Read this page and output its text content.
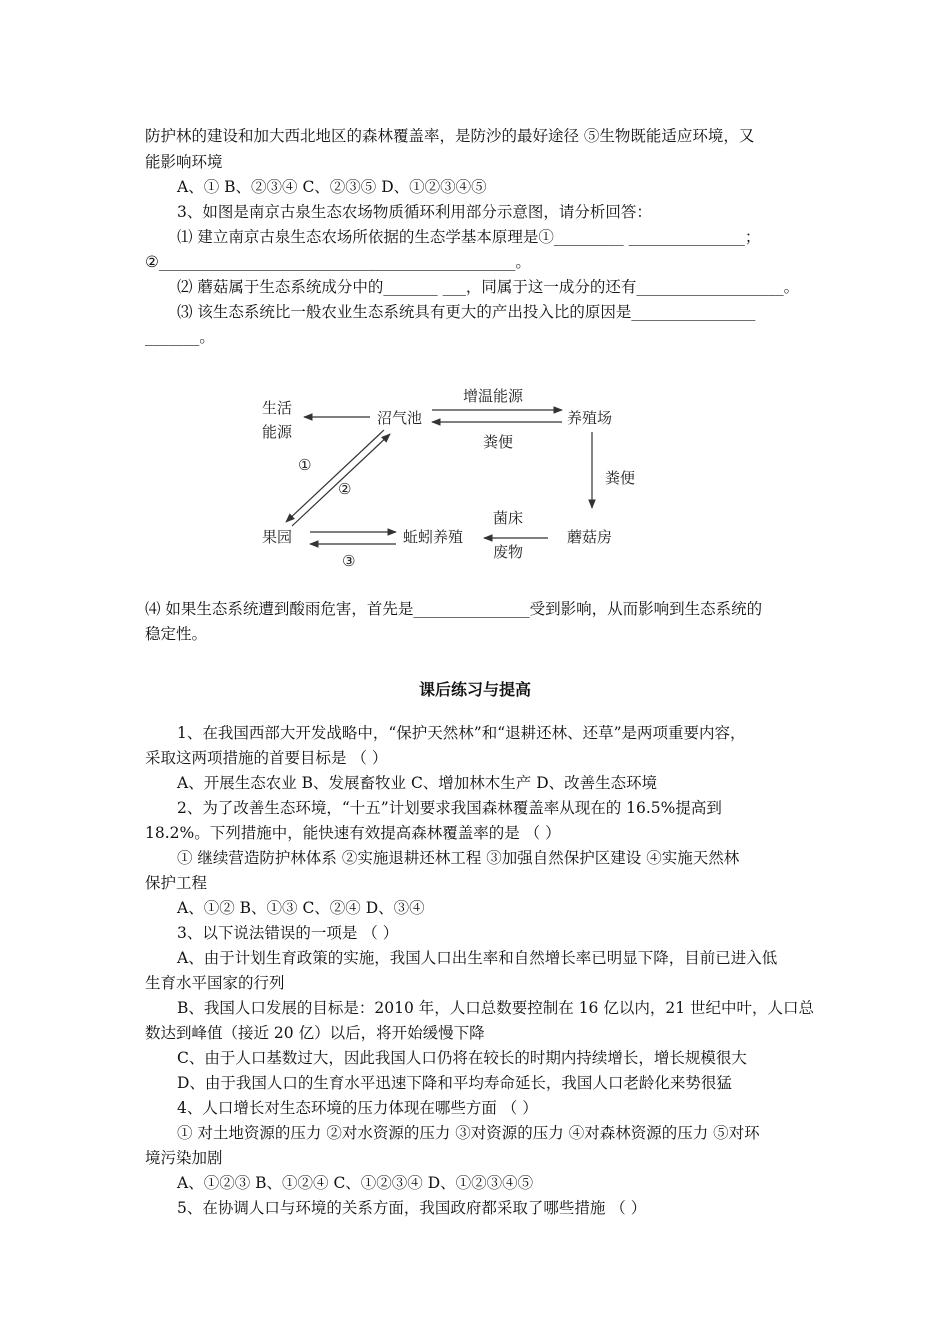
防护林的建设和加大西北地区的森林覆盖率，是防沙的最好途径 ⑤生物既能适应环境，又
能影响环境
A、① B、②③④ C、②③⑤ D、①②③④⑤
3、如图是南京古泉生态农场物质循环利用部分示意图，请分析回答：
⑴ 建立南京古泉生态农场所依据的生态学基本原理是①_________ _______________；
②______________________________________________。
⑵ 蘑菇属于生态系统成分中的_______ ___，同属于这一成分的还有___________________。
⑶ 该生态系统比一般农业生态系统具有更大的产出投入比的原因是________________
_______。
生活
能源
沼气池
增温能源
养殖场
粪便
粪便
果园	蚯蚓养殖	蘑菇房
菌床
废物
①
②
③
⑷ 如果生态系统遭到酸雨危害，首先是_______________受到影响，从而影响到生态系统的
稳定性。
课后练习与提高
1、在我国西部大开发战略中，“保护天然林”和“退耕还林、还草”是两项重要内容，
采取这两项措施的首要目标是 （ ）
A、开展生态农业 B、发展畜牧业 C、增加林木生产 D、改善生态环境
2、为了改善生态环境，“十五”计划要求我国森林覆盖率从现在的 16.5%提高到
18.2%。下列措施中，能快速有效提高森林覆盖率的是 （ ）
① 继续营造防护林体系 ②实施退耕还林工程 ③加强自然保护区建设 ④实施天然林
保护工程
A、①② B、①③ C、②④ D、③④
3、以下说法错误的一项是 （ ）
A、由于计划生育政策的实施，我国人口出生率和自然增长率已明显下降，目前已进入低
生育水平国家的行列
B、我国人口发展的目标是：2010 年，人口总数要控制在 16 亿以内，21 世纪中叶，人口总
数达到峰值（接近 20 亿）以后，将开始缓慢下降
C、由于人口基数过大，因此我国人口仍将在较长的时期内持续增长，增长规模很大
D、由于我国人口的生育水平迅速下降和平均寿命延长，我国人口老龄化来势很猛
4、人口增长对生态环境的压力体现在哪些方面 （ ）
① 对土地资源的压力 ②对水资源的压力 ③对资源的压力 ④对森林资源的压力 ⑤对环
境污染加剧
A、①②③ B、①②④ C、①②③④ D、①②③④⑤
5、在协调人口与环境的关系方面，我国政府都采取了哪些措施 （ ）
